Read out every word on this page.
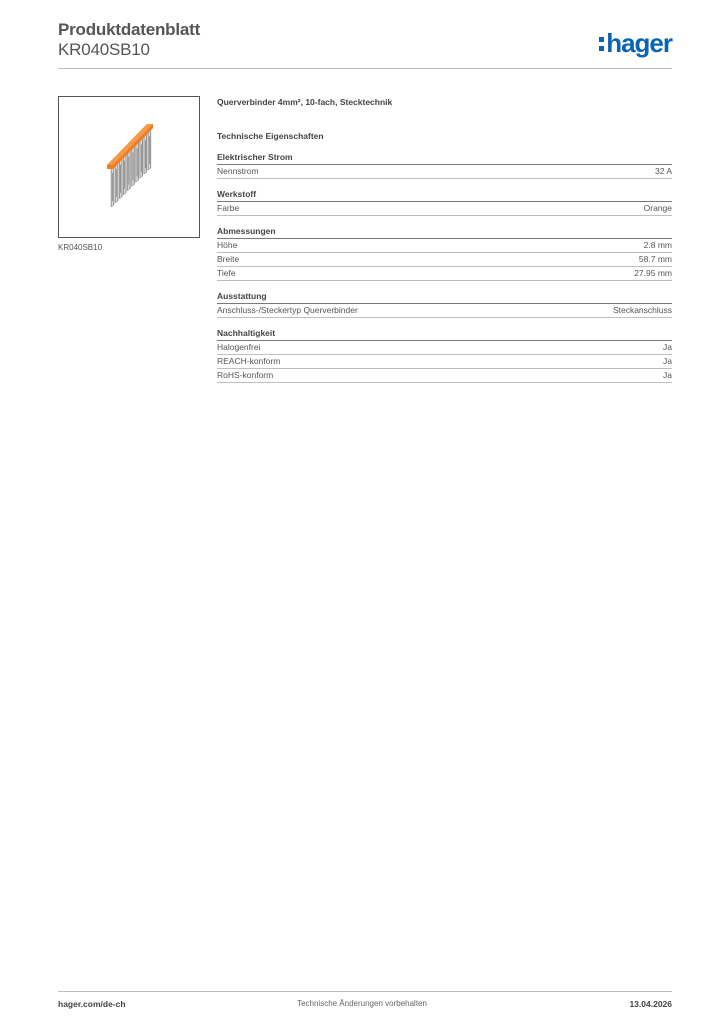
Produktdatenblatt
KR040SB10	hager
KR040SB10
Querverbinder 4mm², 10-fach, Stecktechnik
Technische Eigenschaften
Elektrischer Strom
Nennstrom	32 A
Werkstoff
Farbe	Orange
Abmessungen
Höhe	2.8 mm
Breite	58.7 mm
Tiefe	27.95 mm
Ausstattung
Anschluss-/Steckertyp Querverbinder	Steckanschluss
Nachhaltigkeit
Halogenfrei	Ja
REACH-konform	Ja
RoHS-konform	Ja
hager.com/de-ch	Technische Änderungen vorbehalten	13.04.2026
